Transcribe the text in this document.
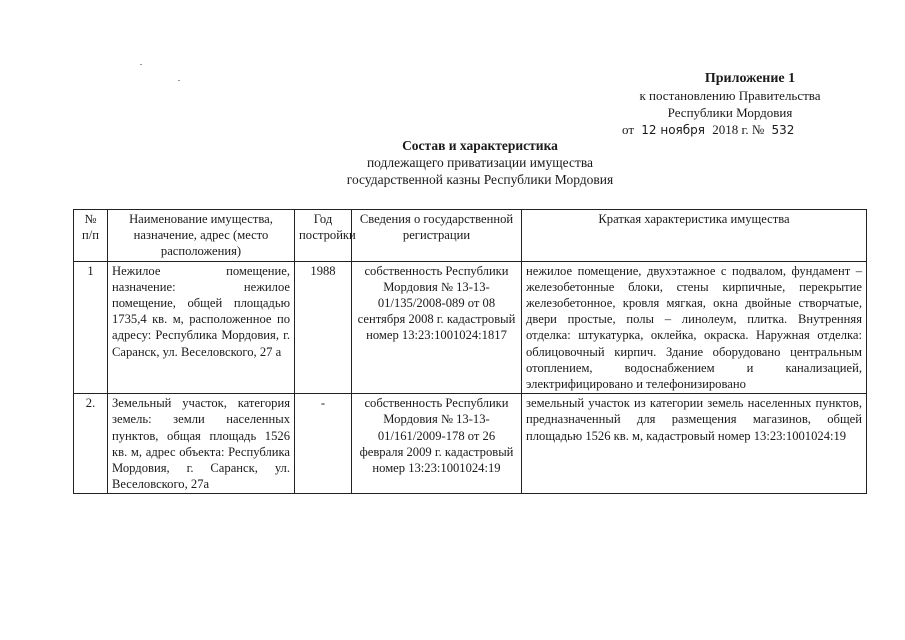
Приложение 1
к постановлению Правительства
Республики Мордовия
от 12 ноября 2018 г. № 532
Состав и характеристика
подлежащего приватизации имущества
государственной казны Республики Мордовия
№ п/п	Наименование имущества, назначение, адрес (место расположения)	Год постройки	Сведения о государственной регистрации	Краткая характеристика имущества
1	Нежилое помещение, назначение: нежилое помещение, общей площадью 1735,4 кв. м, расположенное по адресу: Республика Мордовия, г. Саранск, ул. Веселовского, 27 а	1988	собственность Республики Мордовия № 13-13-01/135/2008-089 от 08 сентября 2008 г. кадастровый номер 13:23:1001024:1817	нежилое помещение, двухэтажное с подвалом, фундамент – железобетонные блоки, стены кирпичные, перекрытие железобетонное, кровля мягкая, окна двойные створчатые, двери простые, полы – линолеум, плитка. Внутренняя отделка: штукатурка, оклейка, окраска. Наружная отделка: облицовочный кирпич. Здание оборудовано центральным отоплением, водоснабжением и канализацией, электрифицировано и телефонизировано
2.	Земельный участок, категория земель: земли населенных пунктов, общая площадь 1526 кв. м, адрес объекта: Республика Мордовия, г. Саранск, ул. Веселовского, 27а	-	собственность Республики Мордовия № 13-13-01/161/2009-178 от 26 февраля 2009 г. кадастровый номер 13:23:1001024:19	земельный участок из категории земель населенных пунктов, предназначенный для размещения магазинов, общей площадью 1526 кв. м, кадастровый номер 13:23:1001024:19
